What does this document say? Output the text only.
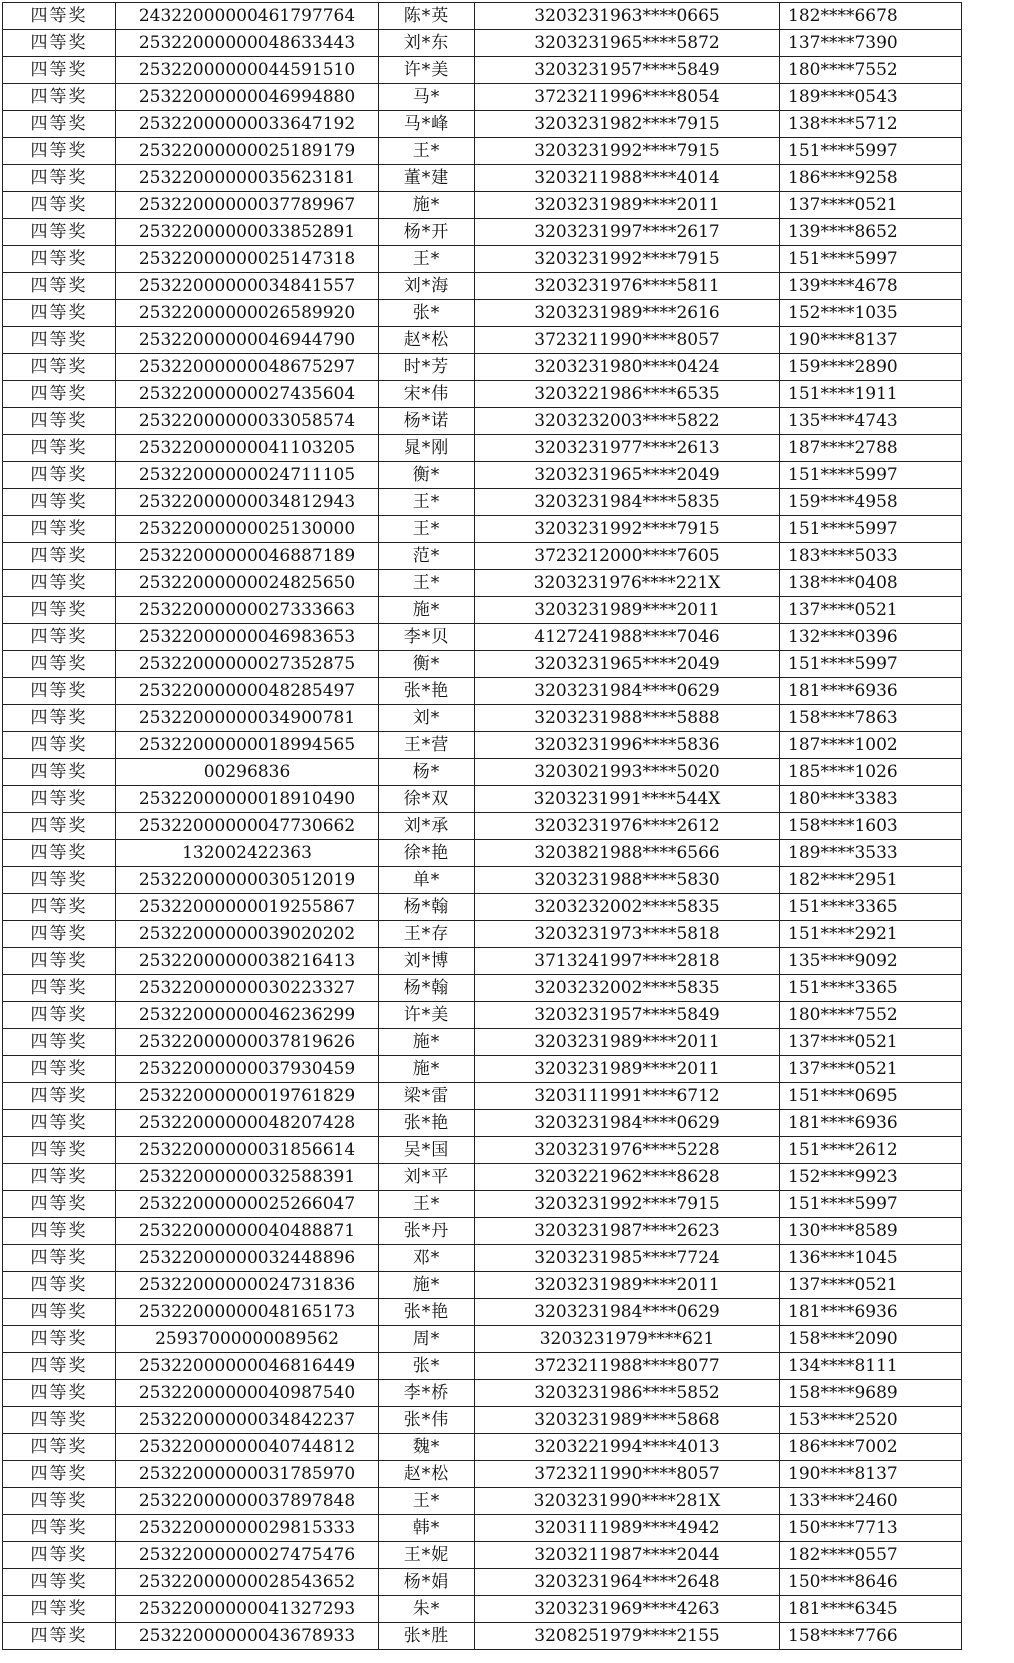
四等奖	24322000000461797764	陈*英	3203231963****0665	182****6678
四等奖	25322000000048633443	刘*东	3203231965****5872	137****7390
四等奖	25322000000044591510	许*美	3203231957****5849	180****7552
四等奖	25322000000046994880	马*	3723211996****8054	189****0543
四等奖	25322000000033647192	马*峰	3203231982****7915	138****5712
四等奖	25322000000025189179	王*	3203231992****7915	151****5997
四等奖	25322000000035623181	董*建	3203211988****4014	186****9258
四等奖	25322000000037789967	施*	3203231989****2011	137****0521
四等奖	25322000000033852891	杨*开	3203231997****2617	139****8652
四等奖	25322000000025147318	王*	3203231992****7915	151****5997
四等奖	25322000000034841557	刘*海	3203231976****5811	139****4678
四等奖	25322000000026589920	张*	3203231989****2616	152****1035
四等奖	25322000000046944790	赵*松	3723211990****8057	190****8137
四等奖	25322000000048675297	时*芳	3203231980****0424	159****2890
四等奖	25322000000027435604	宋*伟	3203221986****6535	151****1911
四等奖	25322000000033058574	杨*诺	3203232003****5822	135****4743
四等奖	25322000000041103205	晁*刚	3203231977****2613	187****2788
四等奖	25322000000024711105	衡*	3203231965****2049	151****5997
四等奖	25322000000034812943	王*	3203231984****5835	159****4958
四等奖	25322000000025130000	王*	3203231992****7915	151****5997
四等奖	25322000000046887189	范*	3723212000****7605	183****5033
四等奖	25322000000024825650	王*	3203231976****221X	138****0408
四等奖	25322000000027333663	施*	3203231989****2011	137****0521
四等奖	25322000000046983653	李*贝	4127241988****7046	132****0396
四等奖	25322000000027352875	衡*	3203231965****2049	151****5997
四等奖	25322000000048285497	张*艳	3203231984****0629	181****6936
四等奖	25322000000034900781	刘*	3203231988****5888	158****7863
四等奖	25322000000018994565	王*营	3203231996****5836	187****1002
四等奖	00296836	杨*	3203021993****5020	185****1026
四等奖	25322000000018910490	徐*双	3203231991****544X	180****3383
四等奖	25322000000047730662	刘*承	3203231976****2612	158****1603
四等奖	132002422363	徐*艳	3203821988****6566	189****3533
四等奖	25322000000030512019	单*	3203231988****5830	182****2951
四等奖	25322000000019255867	杨*翰	3203232002****5835	151****3365
四等奖	25322000000039020202	王*存	3203231973****5818	151****2921
四等奖	25322000000038216413	刘*博	3713241997****2818	135****9092
四等奖	25322000000030223327	杨*翰	3203232002****5835	151****3365
四等奖	25322000000046236299	许*美	3203231957****5849	180****7552
四等奖	25322000000037819626	施*	3203231989****2011	137****0521
四等奖	25322000000037930459	施*	3203231989****2011	137****0521
四等奖	25322000000019761829	梁*雷	3203111991****6712	151****0695
四等奖	25322000000048207428	张*艳	3203231984****0629	181****6936
四等奖	25322000000031856614	吴*国	3203231976****5228	151****2612
四等奖	25322000000032588391	刘*平	3203221962****8628	152****9923
四等奖	25322000000025266047	王*	3203231992****7915	151****5997
四等奖	25322000000040488871	张*丹	3203231987****2623	130****8589
四等奖	25322000000032448896	邓*	3203231985****7724	136****1045
四等奖	25322000000024731836	施*	3203231989****2011	137****0521
四等奖	25322000000048165173	张*艳	3203231984****0629	181****6936
四等奖	25937000000089562	周*	3203231979****621	158****2090
四等奖	25322000000046816449	张*	3723211988****8077	134****8111
四等奖	25322000000040987540	李*桥	3203231986****5852	158****9689
四等奖	25322000000034842237	张*伟	3203231989****5868	153****2520
四等奖	25322000000040744812	魏*	3203221994****4013	186****7002
四等奖	25322000000031785970	赵*松	3723211990****8057	190****8137
四等奖	25322000000037897848	王*	3203231990****281X	133****2460
四等奖	25322000000029815333	韩*	3203111989****4942	150****7713
四等奖	25322000000027475476	王*妮	3203211987****2044	182****0557
四等奖	25322000000028543652	杨*娟	3203231964****2648	150****8646
四等奖	25322000000041327293	朱*	3203231969****4263	181****6345
四等奖	25322000000043678933	张*胜	3208251979****2155	158****7766
